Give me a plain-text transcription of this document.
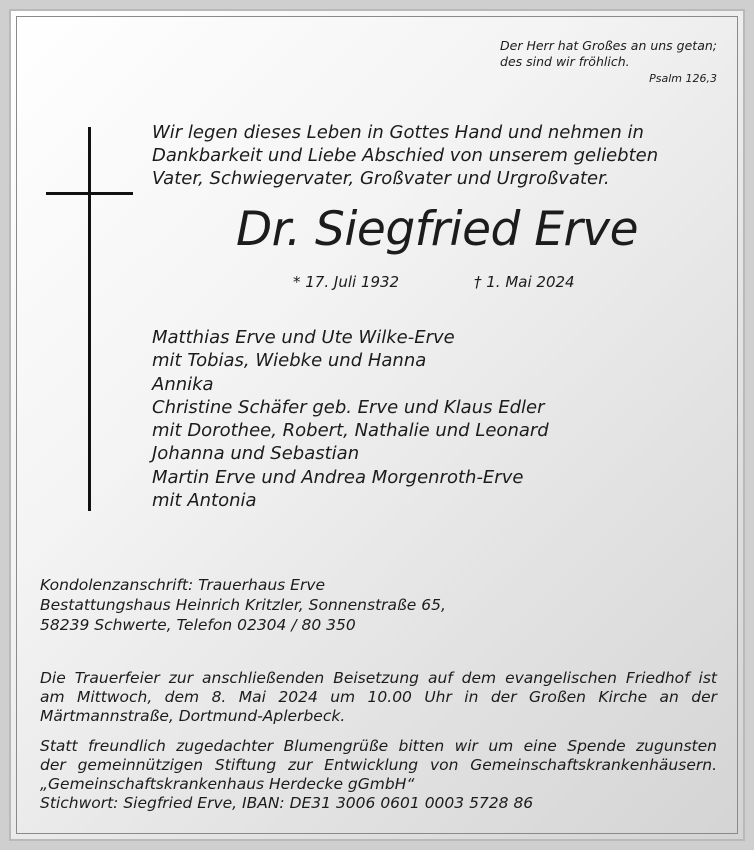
Der Herr hat Großes an uns getan;
des sind wir fröhlich.
Psalm 126,3
Wir legen dieses Leben in Gottes Hand und nehmen in
Dankbarkeit und Liebe Abschied von unserem geliebten
Vater, Schwiegervater, Großvater und Urgroßvater.
Dr. Siegfried Erve
* 17. Juli 1932	† 1. Mai 2024
Matthias Erve und Ute Wilke-Erve
mit Tobias, Wiebke und Hanna
Annika
Christine Schäfer geb. Erve und Klaus Edler
mit Dorothee, Robert, Nathalie und Leonard
Johanna und Sebastian
Martin Erve und Andrea Morgenroth-Erve
mit Antonia
Kondolenzanschrift: Trauerhaus Erve
Bestattungshaus Heinrich Kritzler, Sonnenstraße 65,
58239 Schwerte, Telefon 02304 / 80 350
Die Trauerfeier zur anschließenden Beisetzung auf dem evangelischen Friedhof ist
am Mittwoch, dem 8. Mai 2024 um 10.00 Uhr in der Großen Kirche an der
Märtmannstraße, Dortmund-Aplerbeck.
Statt freundlich zugedachter Blumengrüße bitten wir um eine Spende zugunsten
der gemeinnützigen Stiftung zur Entwicklung von Gemeinschaftskrankenhäusern.
„Gemeinschaftskrankenhaus Herdecke gGmbH“
Stichwort: Siegfried Erve, IBAN: DE31 3006 0601 0003 5728 86
